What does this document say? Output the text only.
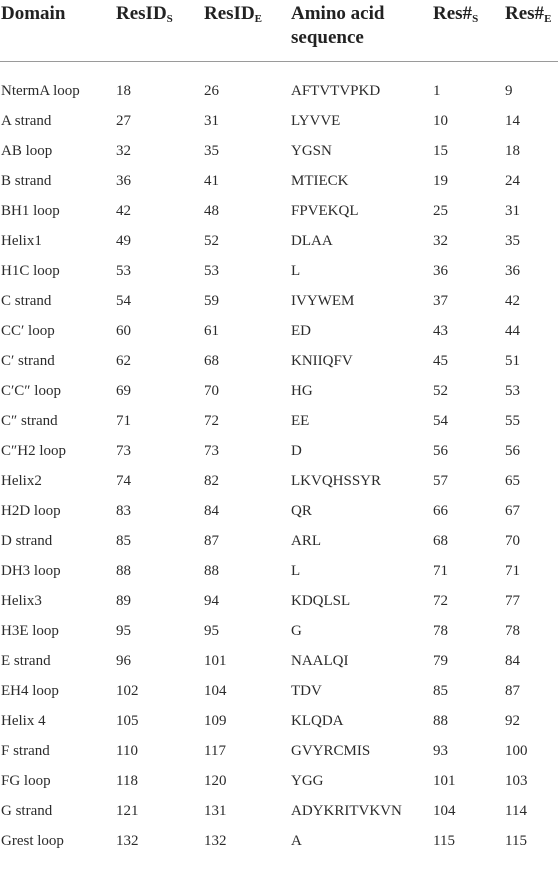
Domain	ResID$_S$	ResID$_E$	Amino acid sequence	$Res\#_S$	$Res\#_E$

NtermA loop	18	26	AFTVTVPKD	1	9
A strand	27	31	LYVVE	10	14
AB loop	32	35	YGSN	15	18
B strand	36	41	MTIECK	19	24
BH1 loop	42	48	FPVEKQL	25	31
Helix1	49	52	DLAA	32	35
H1C loop	53	53	L	36	36
C strand	54	59	IVYWEM	37	42
CC′ loop	60	61	ED	43	44
C′ strand	62	68	KNIIQFV	45	51
C′C″ loop	69	70	HG	52	53
C″ strand	71	72	EE	54	55
C″H2 loop	73	73	D	56	56
Helix2	74	82	LKVQHSSYR	57	65
H2D loop	83	84	QR	66	67
D strand	85	87	ARL	68	70
DH3 loop	88	88	L	71	71
Helix3	89	94	KDQLSL	72	77
H3E loop	95	95	G	78	78
E strand	96	101	NAALQI	79	84
EH4 loop	102	104	TDV	85	87
Helix 4	105	109	KLQDA	88	92
F strand	110	117	GVYRCMIS	93	100
FG loop	118	120	YGG	101	103
G strand	121	131	ADYKRITVKVN	104	114
Grest loop	132	132	A	115	115
